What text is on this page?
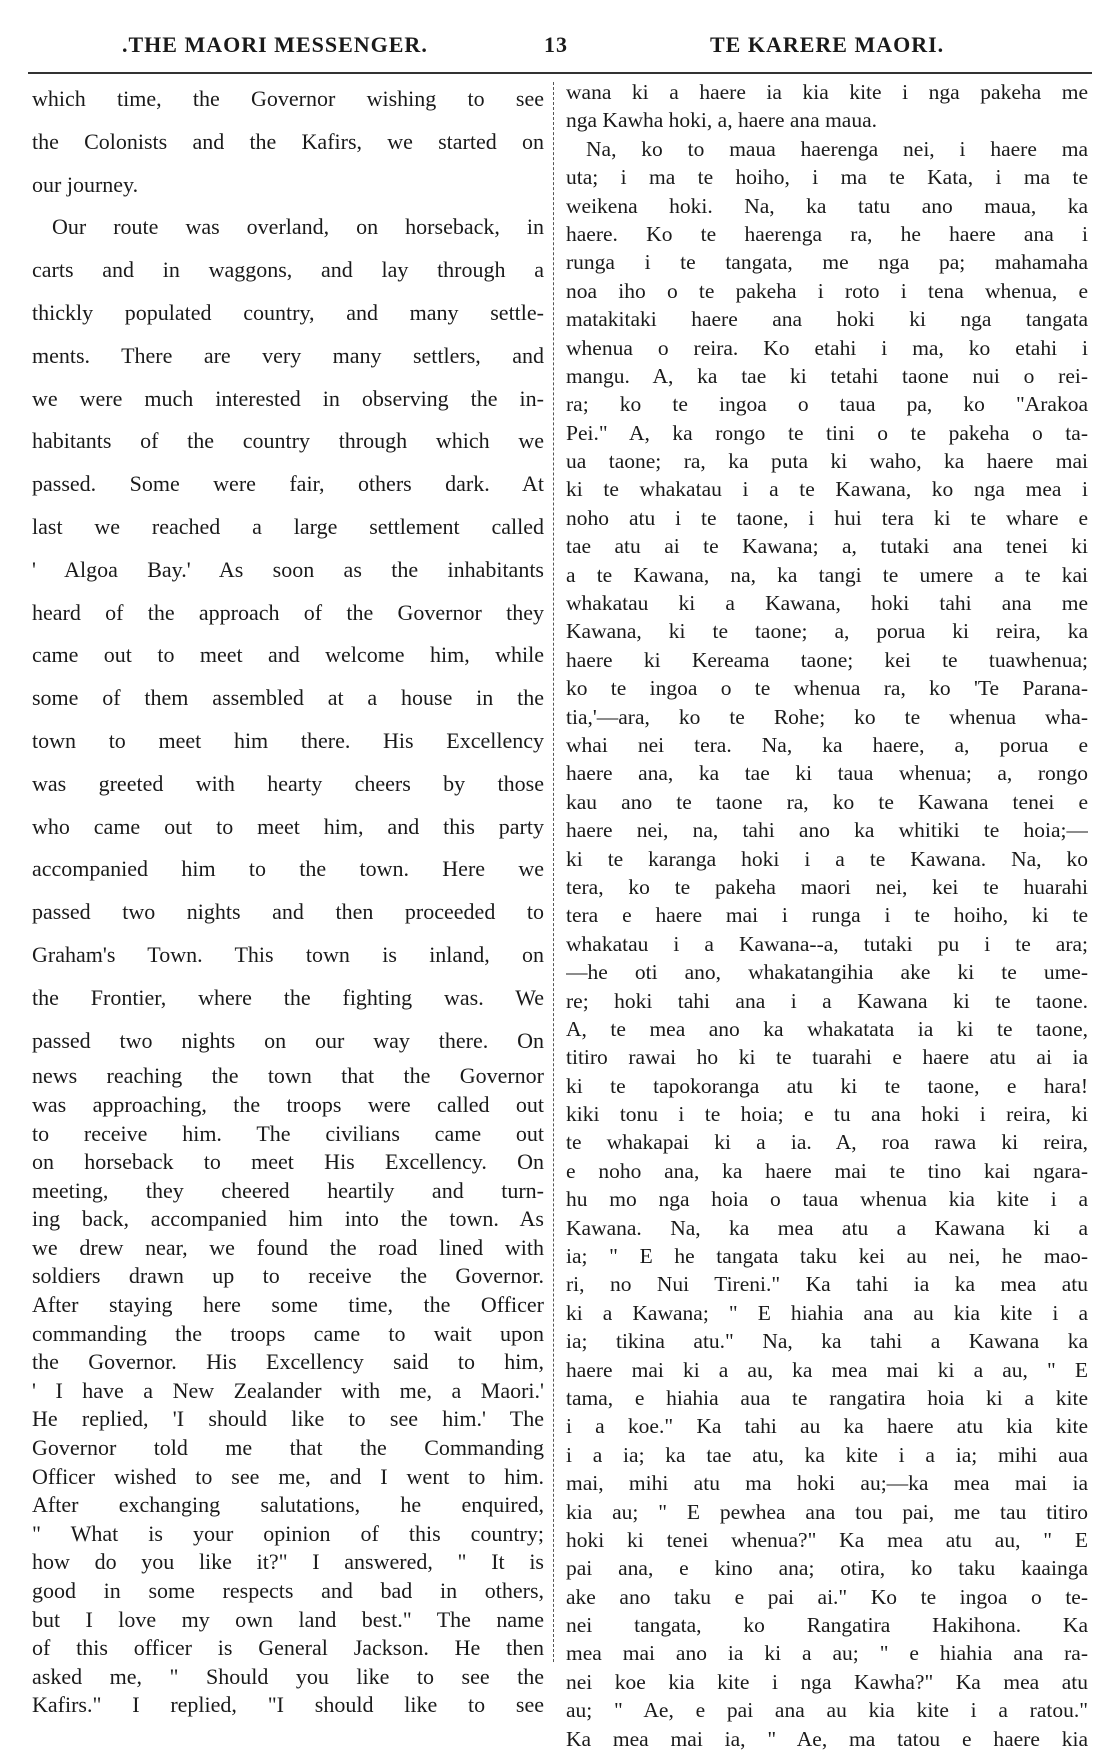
.THE MAORI MESSENGER.	13	TE KARERE MAORI.
which time, the Governor wishing to see
the Colonists and the Kafirs, we started on
our journey.
Our route was overland, on horseback, in
carts and in waggons, and lay through a
thickly populated country, and many settle-
ments. There are very many settlers, and
we were much interested in observing the in-
habitants of the country through which we
passed. Some were fair, others dark. At
last we reached a large settlement called
' Algoa Bay.' As soon as the inhabitants
heard of the approach of the Governor they
came out to meet and welcome him, while
some of them assembled at a house in the
town to meet him there. His Excellency
was greeted with hearty cheers by those
who came out to meet him, and this party
accompanied him to the town. Here we
passed two nights and then proceeded to
Graham's Town. This town is inland, on
the Frontier, where the fighting was. We
passed two nights on our way there. On
news reaching the town that the Governor
was approaching, the troops were called out
to receive him. The civilians came out
on horseback to meet His Excellency. On
meeting, they cheered heartily and turn-
ing back, accompanied him into the town. As
we drew near, we found the road lined with
soldiers drawn up to receive the Governor.
After staying here some time, the Officer
commanding the troops came to wait upon
the Governor. His Excellency said to him,
' I have a New Zealander with me, a Maori.'
He replied, 'I should like to see him.' The
Governor told me that the Commanding
Officer wished to see me, and I went to him.
After exchanging salutations, he enquired,
" What is your opinion of this country;
how do you like it?" I answered, " It is
good in some respects and bad in others,
but I love my own land best." The name
of this officer is General Jackson. He then
asked me, " Should you like to see the
Kafirs." I replied, "I should like to see
wana ki a haere ia kia kite i nga pakeha me
nga Kawha hoki, a, haere ana maua.
Na, ko to maua haerenga nei, i haere ma
uta; i ma te hoiho, i ma te Kata, i ma te
weikena hoki. Na, ka tatu ano maua, ka
haere. Ko te haerenga ra, he haere ana i
runga i te tangata, me nga pa; mahamaha
noa iho o te pakeha i roto i tena whenua, e
matakitaki haere ana hoki ki nga tangata
whenua o reira. Ko etahi i ma, ko etahi i
mangu. A, ka tae ki tetahi taone nui o rei-
ra; ko te ingoa o taua pa, ko "Arakoa
Pei." A, ka rongo te tini o te pakeha o ta-
ua taone; ra, ka puta ki waho, ka haere mai
ki te whakatau i a te Kawana, ko nga mea i
noho atu i te taone, i hui tera ki te whare e
tae atu ai te Kawana; a, tutaki ana tenei ki
a te Kawana, na, ka tangi te umere a te kai
whakatau ki a Kawana, hoki tahi ana me
Kawana, ki te taone; a, porua ki reira, ka
haere ki Kereama taone; kei te tuawhenua;
ko te ingoa o te whenua ra, ko 'Te Parana-
tia,'—ara, ko te Rohe; ko te whenua wha-
whai nei tera. Na, ka haere, a, porua e
haere ana, ka tae ki taua whenua; a, rongo
kau ano te taone ra, ko te Kawana tenei e
haere nei, na, tahi ano ka whitiki te hoia;—
ki te karanga hoki i a te Kawana. Na, ko
tera, ko te pakeha maori nei, kei te huarahi
tera e haere mai i runga i te hoiho, ki te
whakatau i a Kawana--a, tutaki pu i te ara;
—he oti ano, whakatangihia ake ki te ume-
re; hoki tahi ana i a Kawana ki te taone.
A, te mea ano ka whakatata ia ki te taone,
titiro rawai ho ki te tuarahi e haere atu ai ia
ki te tapokoranga atu ki te taone, e hara!
kiki tonu i te hoia; e tu ana hoki i reira, ki
te whakapai ki a ia. A, roa rawa ki reira,
e noho ana, ka haere mai te tino kai ngara-
hu mo nga hoia o taua whenua kia kite i a
Kawana. Na, ka mea atu a Kawana ki a
ia; " E he tangata taku kei au nei, he mao-
ri, no Nui Tireni." Ka tahi ia ka mea atu
ki a Kawana; " E hiahia ana au kia kite i a
ia; tikina atu." Na, ka tahi a Kawana ka
haere mai ki a au, ka mea mai ki a au, " E
tama, e hiahia aua te rangatira hoia ki a kite
i a koe." Ka tahi au ka haere atu kia kite
i a ia; ka tae atu, ka kite i a ia; mihi aua
mai, mihi atu ma hoki au;—ka mea mai ia
kia au; " E pewhea ana tou pai, me tau titiro
hoki ki tenei whenua?" Ka mea atu au, " E
pai ana, e kino ana; otira, ko taku kaainga
ake ano taku e pai ai." Ko te ingoa o te-
nei tangata, ko Rangatira Hakihona. Ka
mea mai ano ia ki a au; " e hiahia ana ra-
nei koe kia kite i nga Kawha?" Ka mea atu
au; " Ae, e pai ana au kia kite i a ratou."
Ka mea mai ia, " Ae, ma tatou e haere kia
